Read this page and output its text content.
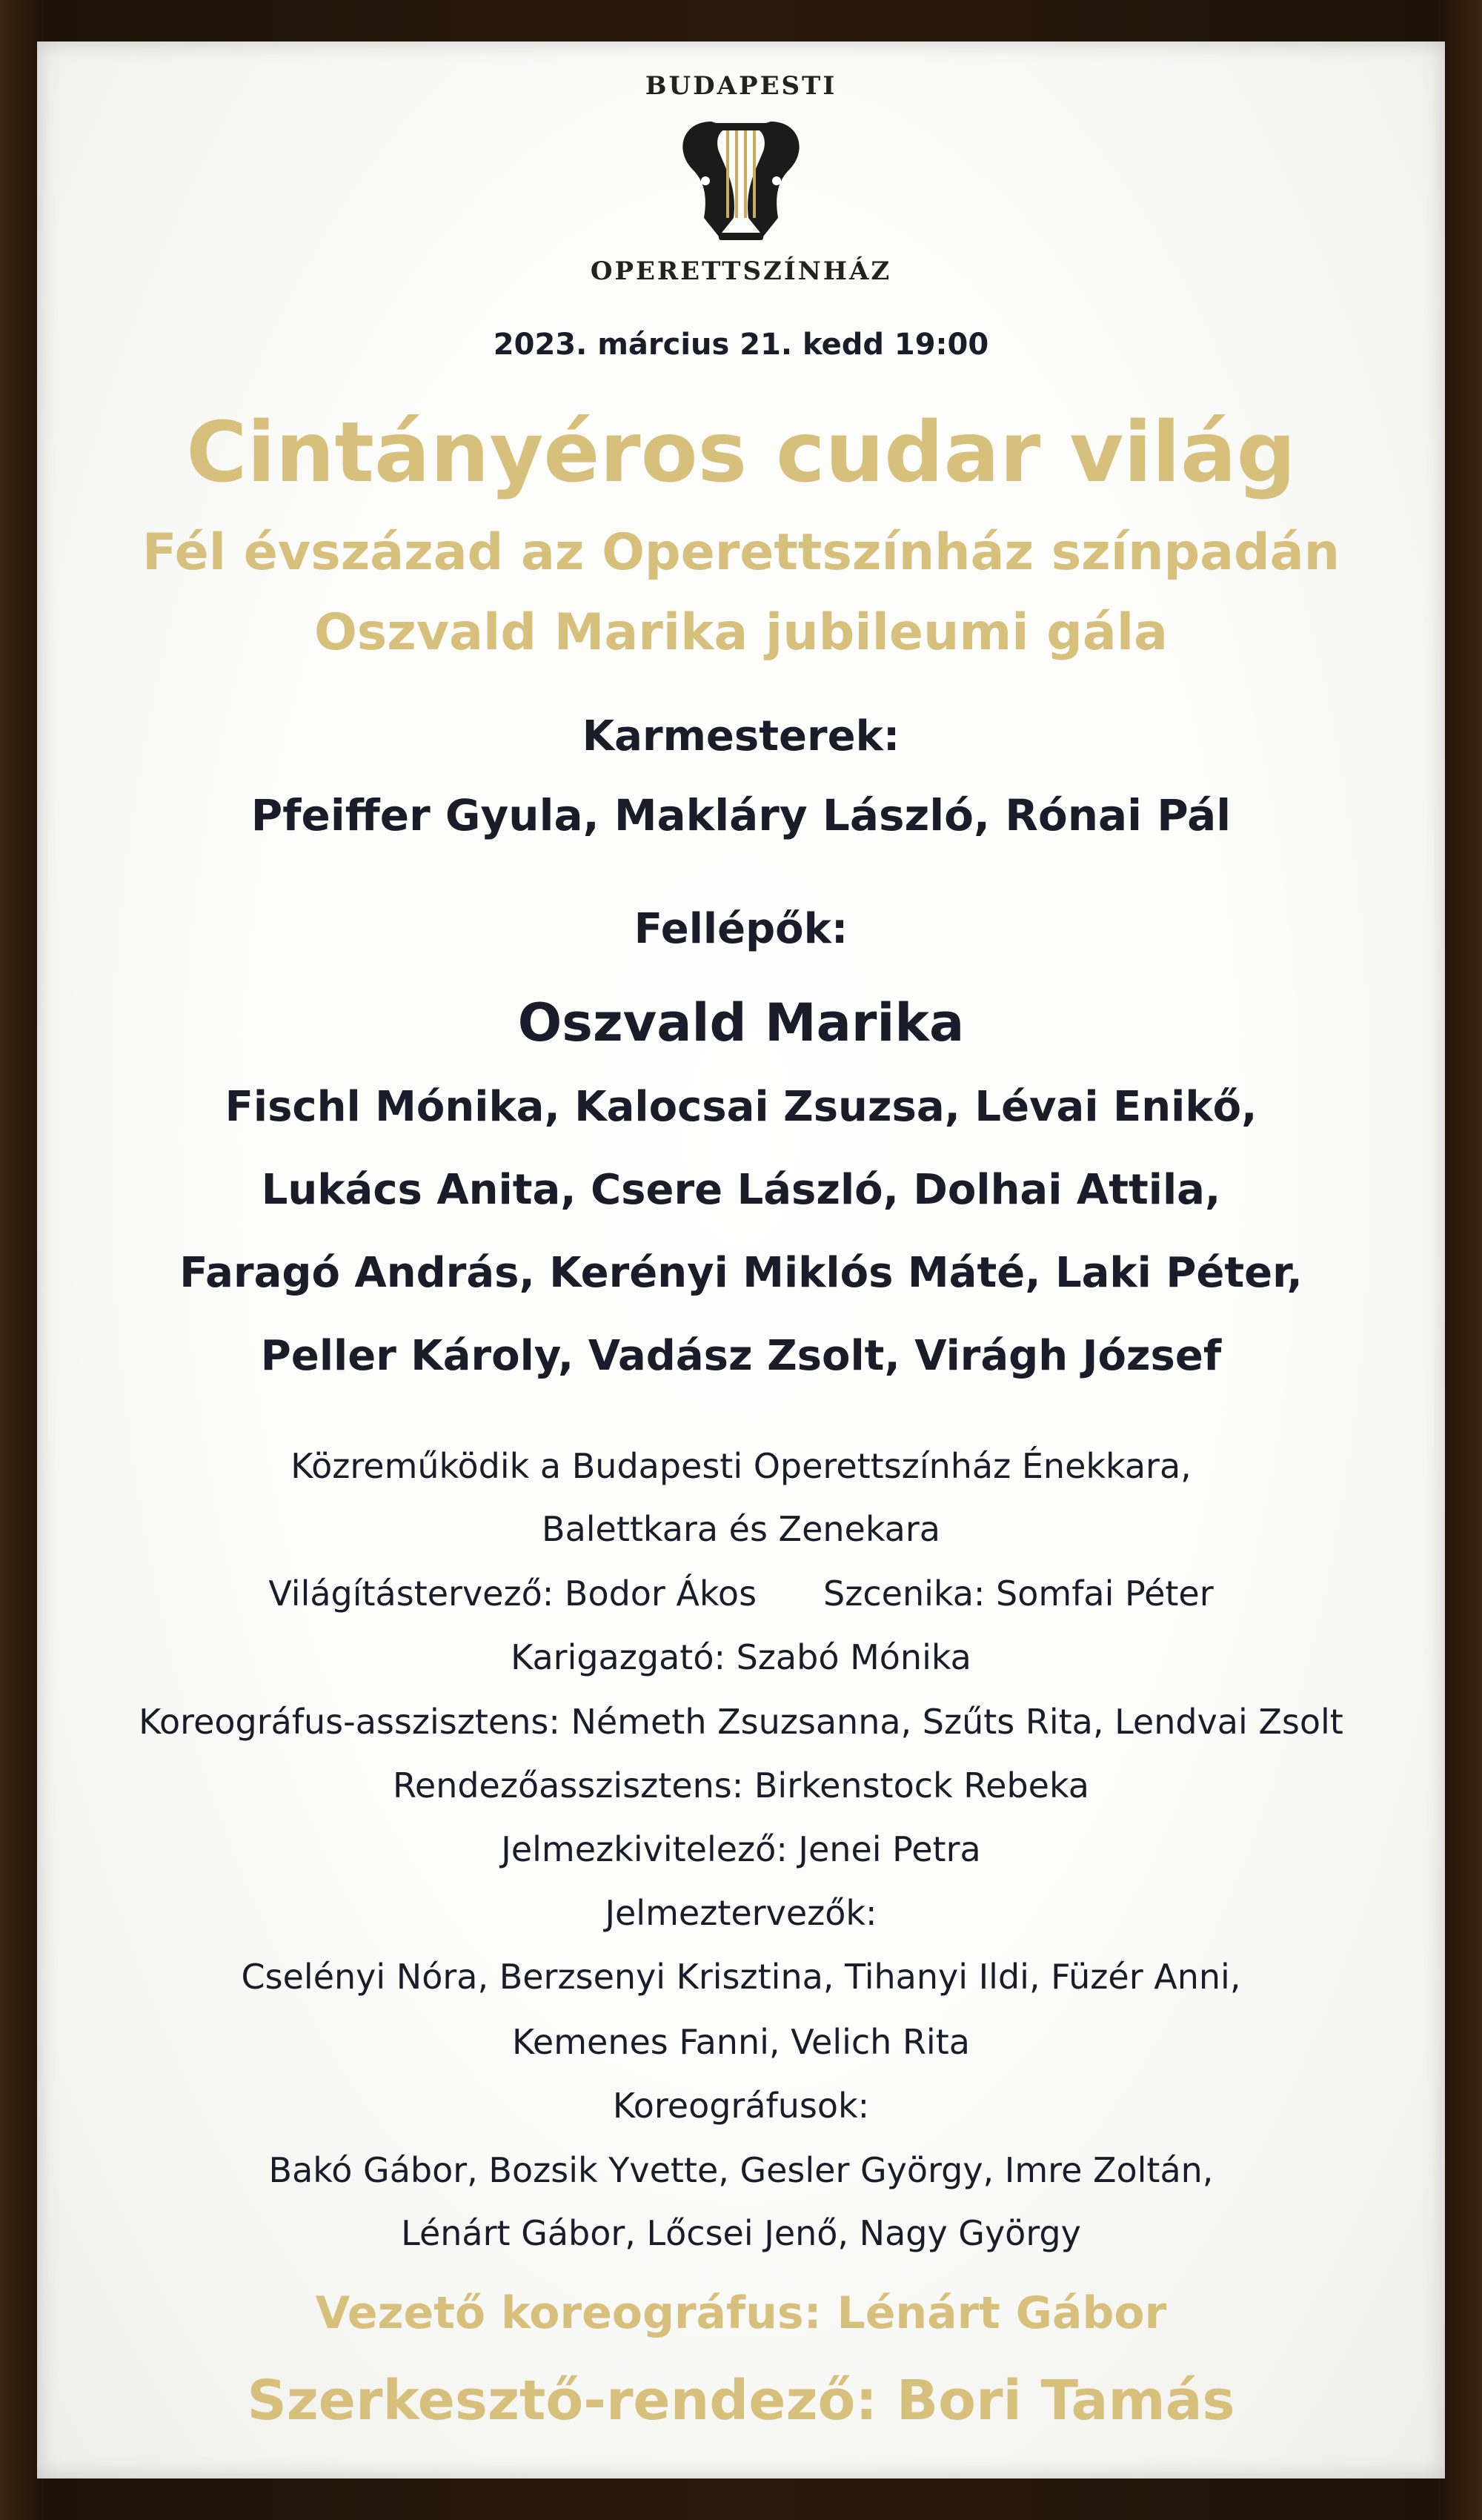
BUDAPESTI
OPERETTSZÍNHÁZ
2023. március 21. kedd 19:00
Cintányéros cudar világ
Fél évszázad az Operettszínház színpadán
Oszvald Marika jubileumi gála
Karmesterek:
Pfeiffer Gyula, Makláry László, Rónai Pál
Fellépők:
Oszvald Marika
Fischl Mónika, Kalocsai Zsuzsa, Lévai Enikő,
Lukács Anita, Csere László, Dolhai Attila,
Faragó András, Kerényi Miklós Máté, Laki Péter,
Peller Károly, Vadász Zsolt, Virágh József
Közreműködik a Budapesti Operettszínház Énekkara,
Balettkara és Zenekara
Világítástervező: Bodor Ákos Szcenika: Somfai Péter
Karigazgató: Szabó Mónika
Koreográfus-asszisztens: Németh Zsuzsanna, Szűts Rita, Lendvai Zsolt
Rendezőasszisztens: Birkenstock Rebeka
Jelmezkivitelező: Jenei Petra
Jelmeztervezők:
Cselényi Nóra, Berzsenyi Krisztina, Tihanyi Ildi, Füzér Anni,
Kemenes Fanni, Velich Rita
Koreográfusok:
Bakó Gábor, Bozsik Yvette, Gesler György, Imre Zoltán,
Lénárt Gábor, Lőcsei Jenő, Nagy György
Vezető koreográfus: Lénárt Gábor
Szerkesztő-rendező: Bori Tamás
